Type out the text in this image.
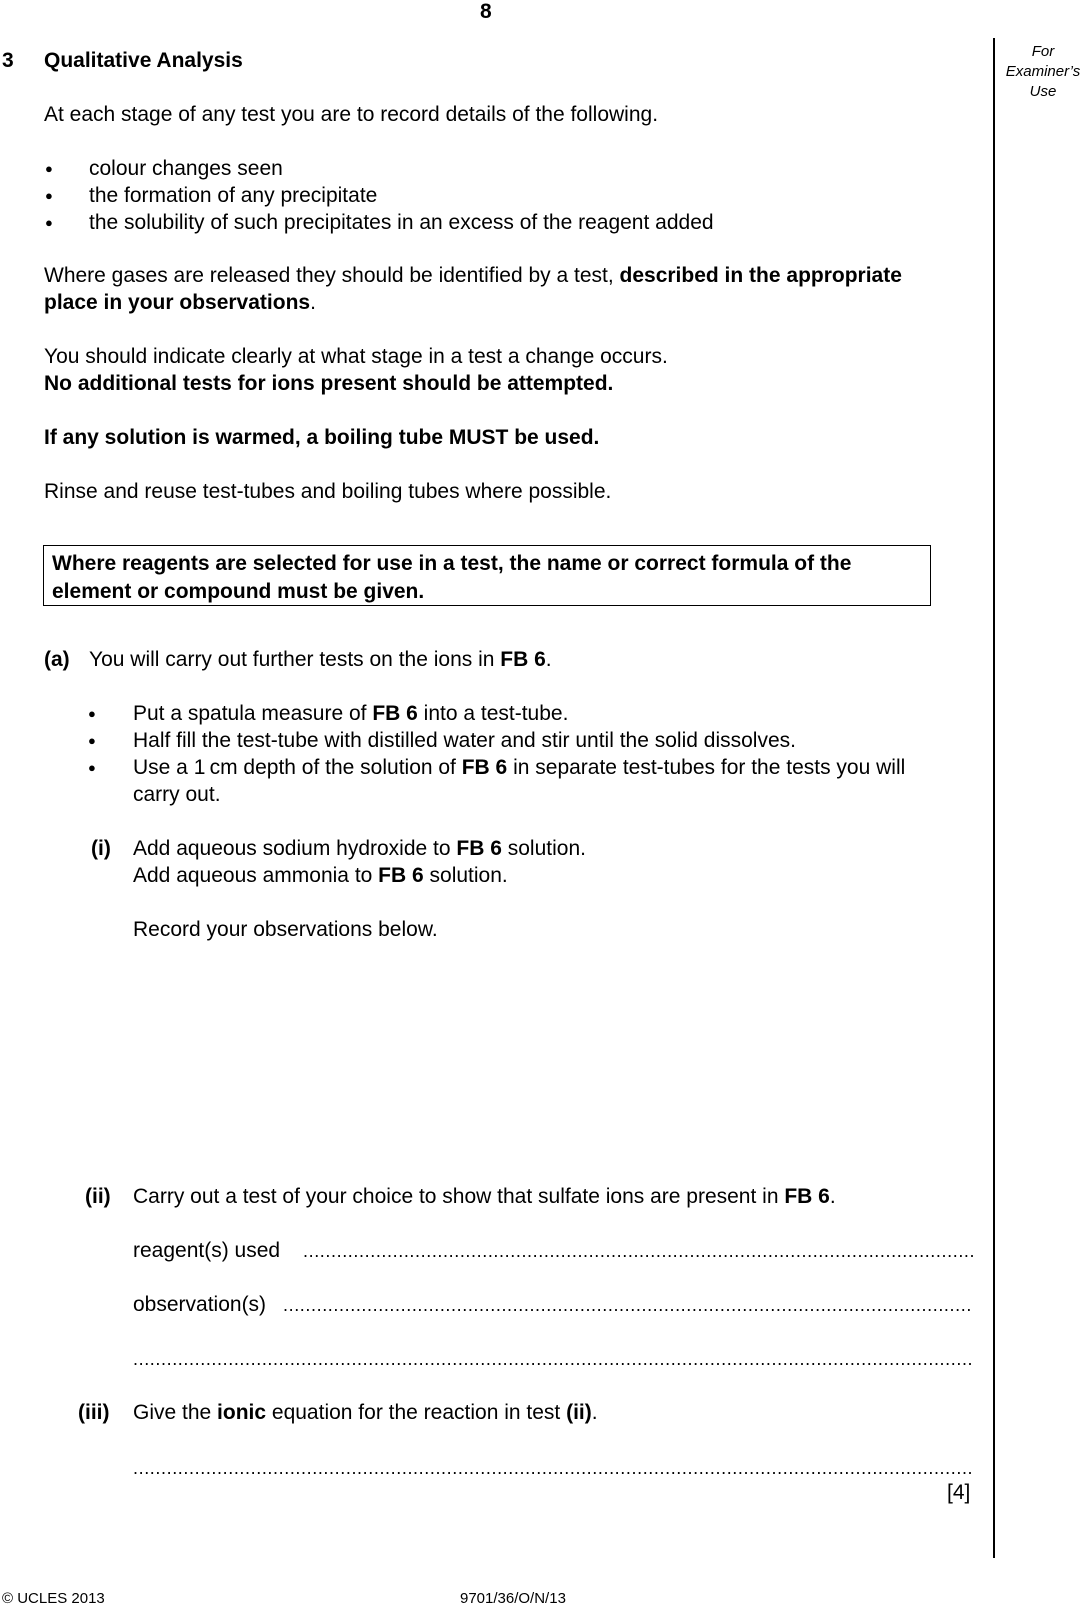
8
For Examiner’s Use
3 Qualitative Analysis
At each stage of any test you are to record details of the following.
● colour changes seen
● the formation of any precipitate
● the solubility of such precipitates in an excess of the reagent added
Where gases are released they should be identified by a test, described in the appropriate
place in your observations.
You should indicate clearly at what stage in a test a change occurs.
No additional tests for ions present should be attempted.
If any solution is warmed, a boiling tube MUST be used.
Rinse and reuse test-tubes and boiling tubes where possible.
Where reagents are selected for use in a test, the name or correct formula of the
element or compound must be given.
(a) You will carry out further tests on the ions in FB 6.
● Put a spatula measure of FB 6 into a test-tube.
● Half fill the test-tube with distilled water and stir until the solid dissolves.
● Use a 1 cm depth of the solution of FB 6 in separate test-tubes for the tests you will
carry out.
(i) Add aqueous sodium hydroxide to FB 6 solution.
Add aqueous ammonia to FB 6 solution.
Record your observations below.
(ii) Carry out a test of your choice to show that sulfate ions are present in FB 6.
reagent(s) used
.....
observation(s)
.....
.....
(iii) Give the ionic equation for the reaction in test (ii).
.....
[4]
© UCLES 2013	9701/36/O/N/13
